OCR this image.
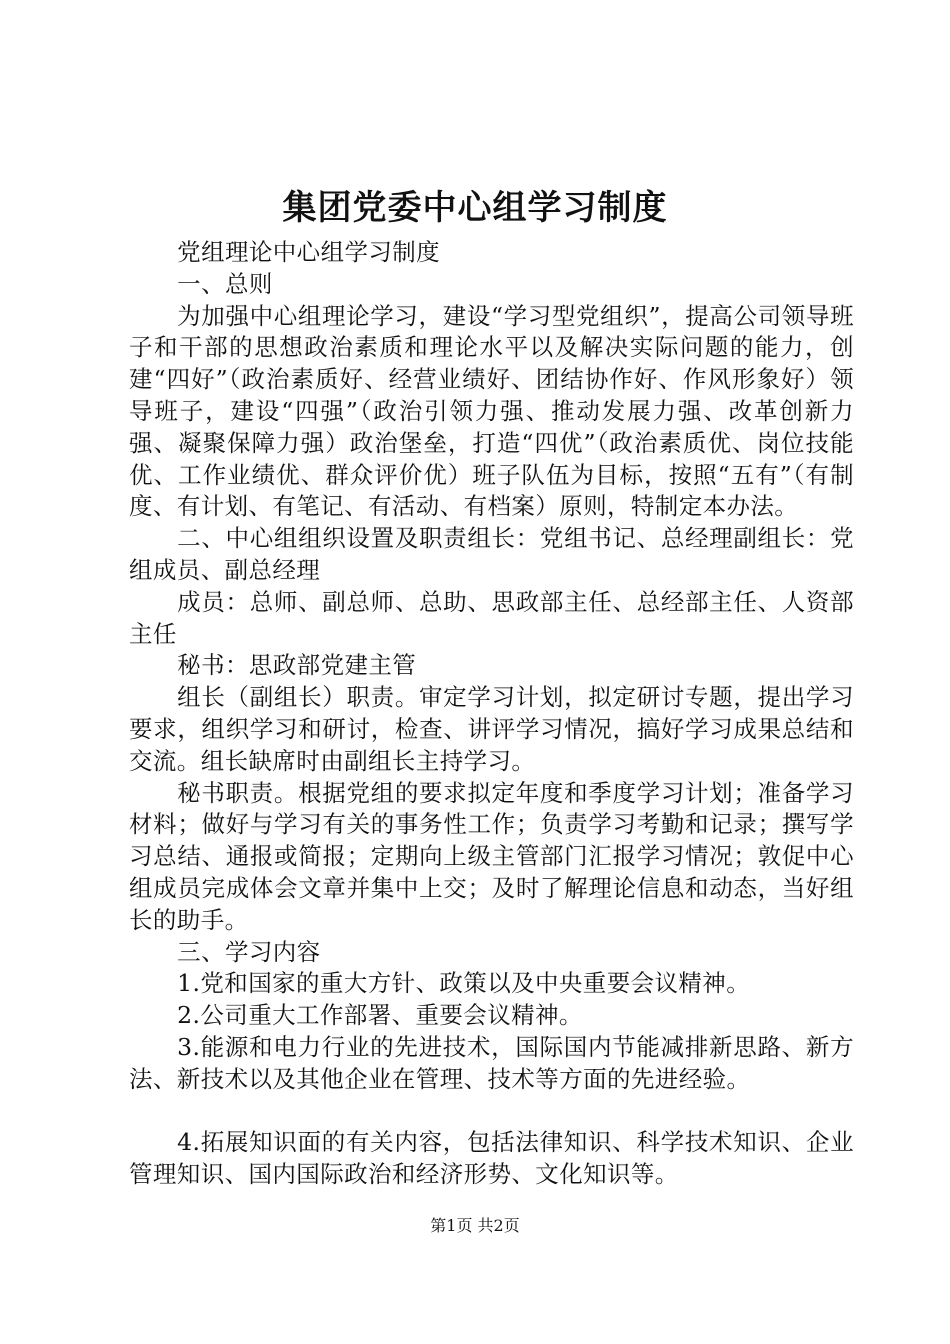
集团党委中心组学习制度

党组理论中心组学习制度

一、总则

为加强中心组理论学习，建设“学习型党组织”，提高公司领导班子和干部的思想政治素质和理论水平以及解决实际问题的能力，创建“四好”（政治素质好、经营业绩好、团结协作好、作风形象好）领导班子，建设“四强”（政治引领力强、推动发展力强、改革创新力强、凝聚保障力强）政治堡垒，打造“四优”（政治素质优、岗位技能优、工作业绩优、群众评价优）班子队伍为目标，按照“五有”（有制度、有计划、有笔记、有活动、有档案）原则，特制定本办法。

二、中心组组织设置及职责组长：党组书记、总经理副组长：党组成员、副总经理

成员：总师、副总师、总助、思政部主任、总经部主任、人资部主任

秘书：思政部党建主管

组长（副组长）职责。审定学习计划，拟定研讨专题，提出学习要求，组织学习和研讨，检查、讲评学习情况，搞好学习成果总结和交流。组长缺席时由副组长主持学习。

秘书职责。根据党组的要求拟定年度和季度学习计划；准备学习材料；做好与学习有关的事务性工作；负责学习考勤和记录；撰写学习总结、通报或简报；定期向上级主管部门汇报学习情况；敦促中心组成员完成体会文章并集中上交；及时了解理论信息和动态，当好组长的助手。

三、学习内容

1.党和国家的重大方针、政策以及中央重要会议精神。

2.公司重大工作部署、重要会议精神。

3.能源和电力行业的先进技术，国际国内节能减排新思路、新方法、新技术以及其他企业在管理、技术等方面的先进经验。

4.拓展知识面的有关内容，包括法律知识、科学技术知识、企业管理知识、国内国际政治和经济形势、文化知识等。

第1页 共2页
